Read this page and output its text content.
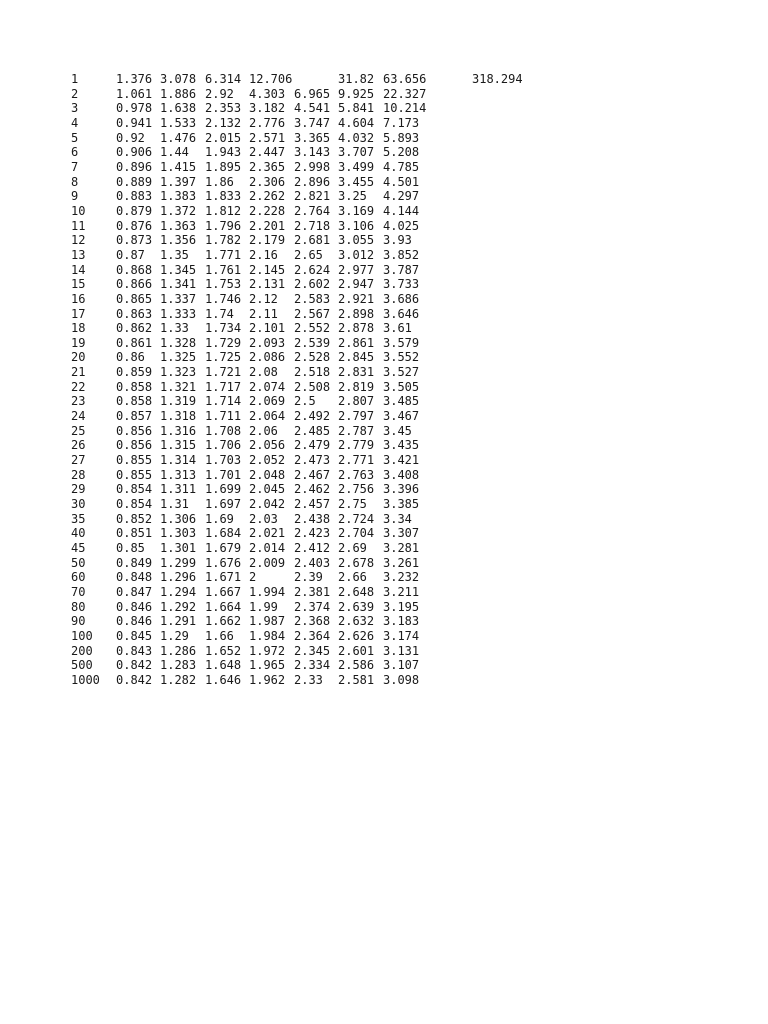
1	1.376 3.078 6.314 12.706	31.82 63.656	318.294
2	1.061 1.886 2.92 4.303 6.965 9.925 22.327
3	0.978 1.638 2.353 3.182 4.541 5.841 10.214
4	0.941 1.533 2.132 2.776 3.747 4.604 7.173
5	0.92 1.476 2.015 2.571 3.365 4.032 5.893
6	0.906 1.44 1.943 2.447 3.143 3.707 5.208
7	0.896 1.415 1.895 2.365 2.998 3.499 4.785
8	0.889 1.397 1.86 2.306 2.896 3.455 4.501
9	0.883 1.383 1.833 2.262 2.821 3.25 4.297
10	0.879 1.372 1.812 2.228 2.764 3.169 4.144
11	0.876 1.363 1.796 2.201 2.718 3.106 4.025
12	0.873 1.356 1.782 2.179 2.681 3.055 3.93
13	0.87 1.35 1.771 2.16 2.65 3.012 3.852
14	0.868 1.345 1.761 2.145 2.624 2.977 3.787
15	0.866 1.341 1.753 2.131 2.602 2.947 3.733
16	0.865 1.337 1.746 2.12 2.583 2.921 3.686
17	0.863 1.333 1.74 2.11 2.567 2.898 3.646
18	0.862 1.33 1.734 2.101 2.552 2.878 3.61
19	0.861 1.328 1.729 2.093 2.539 2.861 3.579
20	0.86 1.325 1.725 2.086 2.528 2.845 3.552
21	0.859 1.323 1.721 2.08 2.518 2.831 3.527
22	0.858 1.321 1.717 2.074 2.508 2.819 3.505
23	0.858 1.319 1.714 2.069 2.5 2.807 3.485
24	0.857 1.318 1.711 2.064 2.492 2.797 3.467
25	0.856 1.316 1.708 2.06 2.485 2.787 3.45
26	0.856 1.315 1.706 2.056 2.479 2.779 3.435
27	0.855 1.314 1.703 2.052 2.473 2.771 3.421
28	0.855 1.313 1.701 2.048 2.467 2.763 3.408
29	0.854 1.311 1.699 2.045 2.462 2.756 3.396
30	0.854 1.31 1.697 2.042 2.457 2.75 3.385
35	0.852 1.306 1.69 2.03 2.438 2.724 3.34
40	0.851 1.303 1.684 2.021 2.423 2.704 3.307
45	0.85 1.301 1.679 2.014 2.412 2.69 3.281
50	0.849 1.299 1.676 2.009 2.403 2.678 3.261
60	0.848 1.296 1.671 2	2.39 2.66 3.232
70	0.847 1.294 1.667 1.994 2.381 2.648 3.211
80	0.846 1.292 1.664 1.99 2.374 2.639 3.195
90	0.846 1.291 1.662 1.987 2.368 2.632 3.183
100 0.845 1.29 1.66 1.984 2.364 2.626 3.174
200 0.843 1.286 1.652 1.972 2.345 2.601 3.131
500 0.842 1.283 1.648 1.965 2.334 2.586 3.107
1000 0.842 1.282 1.646 1.962 2.33 2.581 3.098
